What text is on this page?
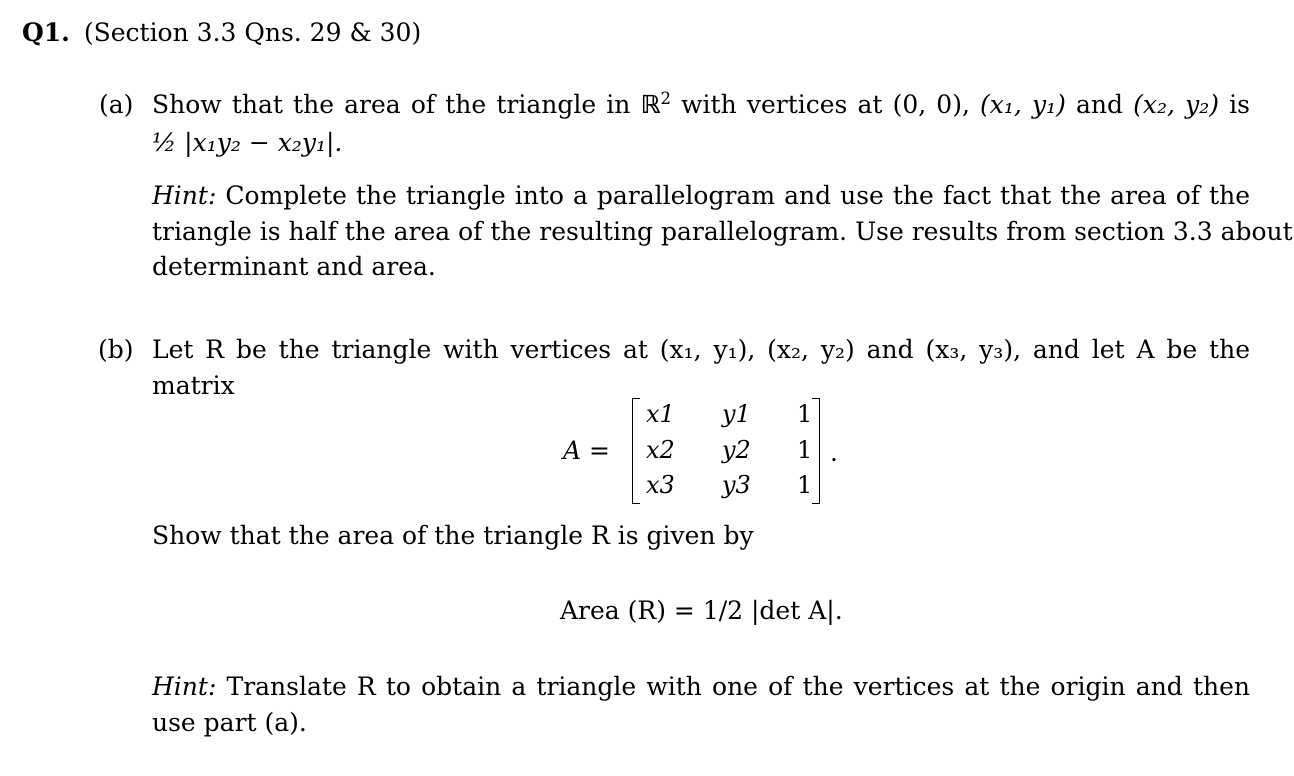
Q1. (Section 3.3 Qns. 29 & 30)
(a) Show that the area of the triangle in ℝ$^2$ with vertices at (0, 0), (x₁, y₁) and (x₂, y₂) is
½ |x₁y₂ − x₂y₁|.
Hint: Complete the triangle into a parallelogram and use the fact that the area of the
triangle is half the area of the resulting parallelogram. Use results from section 3.3 about
determinant and area.
(b) Let R be the triangle with vertices at (x₁, y₁), (x₂, y₂) and (x₃, y₃), and let A be the
matrix
A =
x1 y1 1
x2 y2 1
x3 y3 1
.
Show that the area of the triangle R is given by
Area (R) = 1/2 |det A|.
Hint: Translate R to obtain a triangle with one of the vertices at the origin and then
use part (a).
